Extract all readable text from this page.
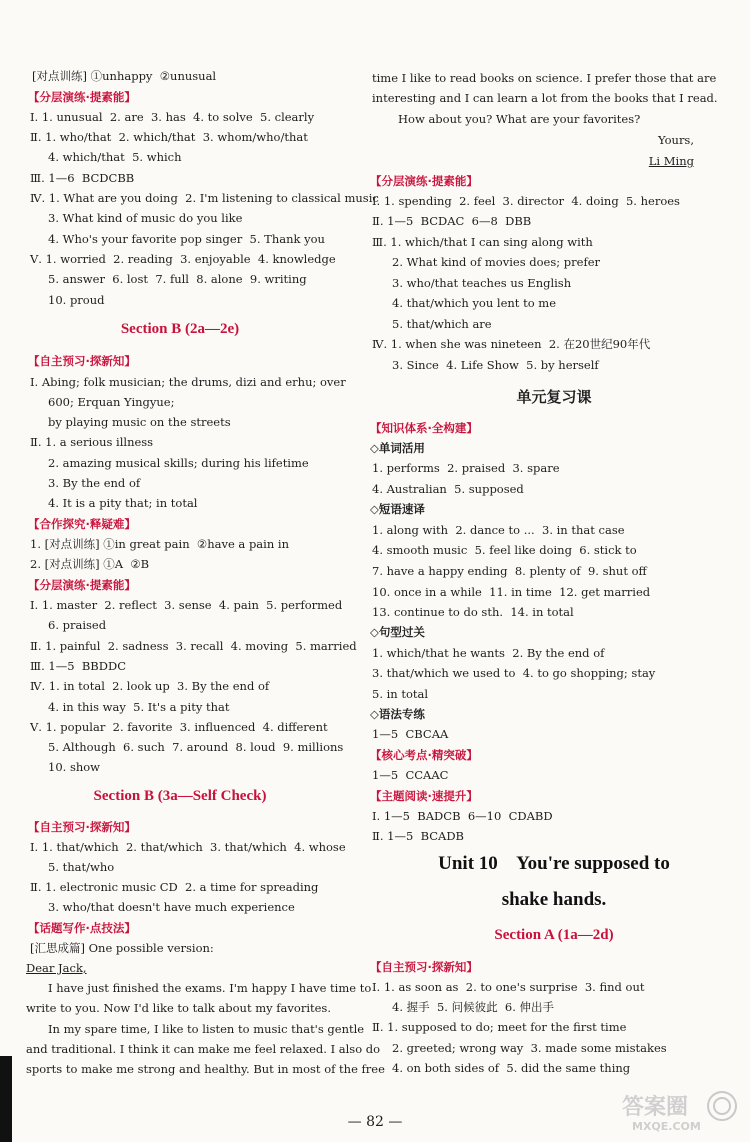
[对点训练] ①unhappy  ②unusual
【分层演练·提素能】
Ⅰ. 1. unusual  2. are  3. has  4. to solve  5. clearly
Ⅱ. 1. who/that  2. which/that  3. whom/who/that
4. which/that  5. which
Ⅲ. 1—6  BCDCBB
Ⅳ. 1. What are you doing  2. I'm listening to classical music
3. What kind of music do you like
4. Who's your favorite pop singer  5. Thank you
Ⅴ. 1. worried  2. reading  3. enjoyable  4. knowledge
5. answer  6. lost  7. full  8. alone  9. writing
10. proud
Section B (2a—2e)
【自主预习·探新知】
Ⅰ. Abing; folk musician; the drums, dizi and erhu; over
600; Erquan Yingyue;
by playing music on the streets
Ⅱ. 1. a serious illness
2. amazing musical skills; during his lifetime
3. By the end of
4. It is a pity that; in total
【合作探究·释疑难】
1. [对点训练] ①in great pain  ②have a pain in
2. [对点训练] ①A  ②B
【分层演练·提素能】
Ⅰ. 1. master  2. reflect  3. sense  4. pain  5. performed
6. praised
Ⅱ. 1. painful  2. sadness  3. recall  4. moving  5. married
Ⅲ. 1—5  BBDDC
Ⅳ. 1. in total  2. look up  3. By the end of
4. in this way  5. It's a pity that
Ⅴ. 1. popular  2. favorite  3. influenced  4. different
5. Although  6. such  7. around  8. loud  9. millions
10. show
Section B (3a—Self Check)
【自主预习·探新知】
Ⅰ. 1. that/which  2. that/which  3. that/which  4. whose
5. that/who
Ⅱ. 1. electronic music CD  2. a time for spreading
3. who/that doesn't have much experience
【话题写作·点技法】
[汇思成篇] One possible version:
Dear Jack,
I have just finished the exams. I'm happy I have time to
write to you. Now I'd like to talk about my favorites.
In my spare time, I like to listen to music that's gentle
and traditional. I think it can make me feel relaxed. I also do
sports to make me strong and healthy. But in most of the free
time I like to read books on science. I prefer those that are
interesting and I can learn a lot from the books that I read.
How about you? What are your favorites?
Yours,
Li Ming
【分层演练·提素能】
Ⅰ. 1. spending  2. feel  3. director  4. doing  5. heroes
Ⅱ. 1—5  BCDAC  6—8  DBB
Ⅲ. 1. which/that I can sing along with
2. What kind of movies does; prefer
3. who/that teaches us English
4. that/which you lent to me
5. that/which are
Ⅳ. 1. when she was nineteen  2. 在20世纪90年代
3. Since  4. Life Show  5. by herself
单元复习课
【知识体系·全构建】
◇单词活用
1. performs  2. praised  3. spare
4. Australian  5. supposed
◇短语速译
1. along with  2. dance to ...  3. in that case
4. smooth music  5. feel like doing  6. stick to
7. have a happy ending  8. plenty of  9. shut off
10. once in a while  11. in time  12. get married
13. continue to do sth.  14. in total
◇句型过关
1. which/that he wants  2. By the end of
3. that/which we used to  4. to go shopping; stay
5. in total
◇语法专练
1—5  CBCAA
【核心考点·精突破】
1—5  CCAAC
【主题阅读·速提升】
Ⅰ. 1—5  BADCB  6—10  CDABD
Ⅱ. 1—5  BCADB
Unit 10    You're supposed to
shake hands.
Section A (1a—2d)
【自主预习·探新知】
Ⅰ. 1. as soon as  2. to one's surprise  3. find out
4. 握手  5. 问候彼此  6. 伸出手
Ⅱ. 1. supposed to do; meet for the first time
2. greeted; wrong way  3. made some mistakes
4. on both sides of  5. did the same thing
— 82 —
答案圈
MXQE.COM
